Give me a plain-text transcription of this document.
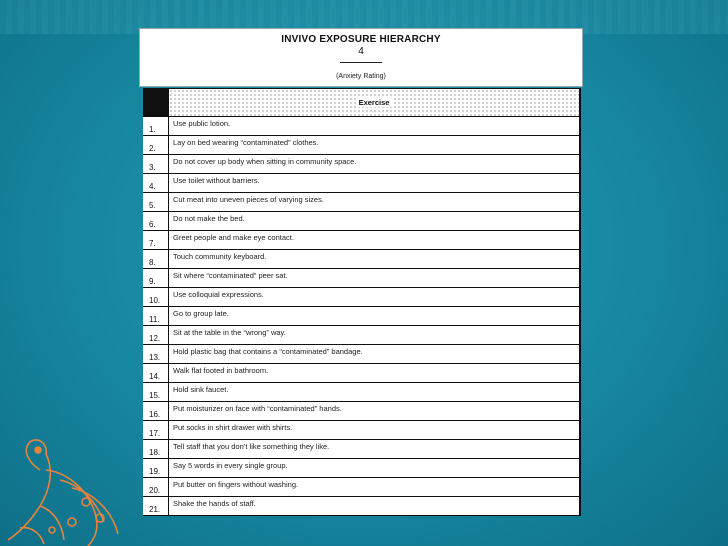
INVIVO EXPOSURE HIERARCHY
4
(Anxiety Rating)
Exercise
1.
Use public lotion.
2.
Lay on bed wearing “contaminated” clothes.
3.
Do not cover up body when sitting in community space.
4.
Use toilet without barriers.
5.
Cut meat into uneven pieces of varying sizes.
6.
Do not make the bed.
7.
Greet people and make eye contact.
8.
Touch community keyboard.
9.
Sit where “contaminated” peer sat.
10.
Use colloquial expressions.
11.
Go to group late.
12.
Sit at the table in the “wrong” way.
13.
Hold plastic bag that contains a “contaminated” bandage.
14.
Walk flat footed in bathroom.
15.
Hold sink faucet.
16.
Put moisturizer on face with “contaminated” hands.
17.
Put socks in shirt drawer with shirts.
18.
Tell staff that you don’t like something they like.
19.
Say 5 words in every single group.
20.
Put butter on fingers without washing.
21.
Shake the hands of staff.
